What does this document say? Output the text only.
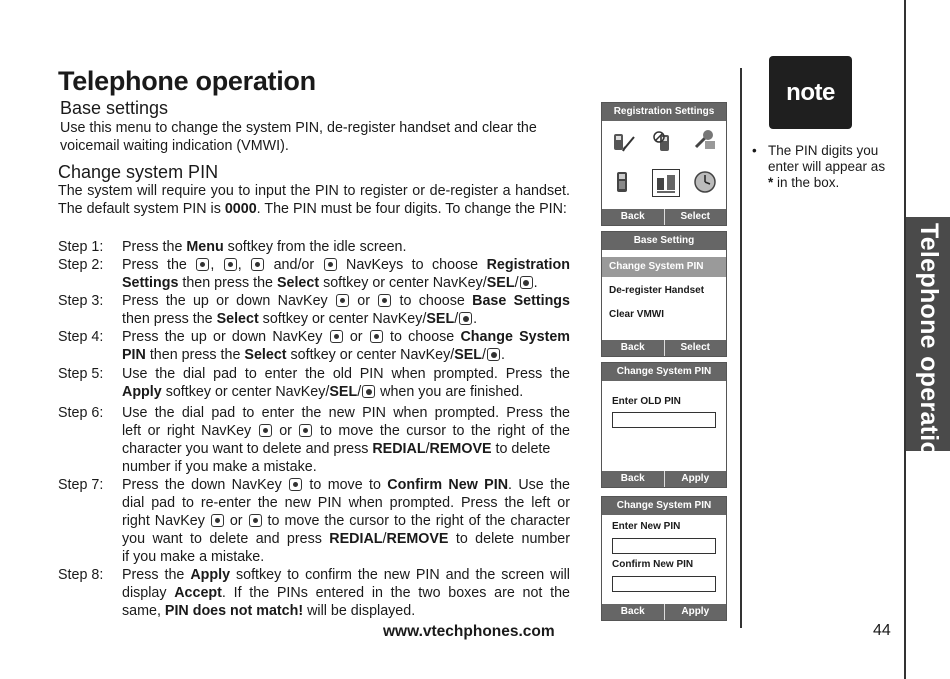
Telephone operation
Base settings
Use this menu to change the system PIN, de-register handset and clear the voicemail waiting indication (VMWI).
Change system PIN
The system will require you to input the PIN to register or de-register a handset. The default system PIN is 0000. The PIN must be four digits. To change the PIN:
Step 1: Press the Menu softkey from the idle screen.
Step 2: Press the , ,  and/or  NavKeys to choose Registration
Settings then press the Select softkey or center NavKey/SEL/ .
Step 3: Press the up or down NavKey  or  to choose Base Settings
then press the Select softkey or center NavKey/SEL/ .
Step 4: Press the up or down NavKey  or  to choose Change System
PIN then press the Select softkey or center NavKey/SEL/ .
Step 5: Use the dial pad to enter the old PIN when prompted. Press the
Apply softkey or center NavKey/SEL/ when you are finished.
Step 6: Use the dial pad to enter the new PIN when prompted. Press the
left or right NavKey  or  to move the cursor to the right of the
character you want to delete and press REDIAL/REMOVE to delete
number if you make a mistake.
Step 7: Press the down NavKey  to move to Confirm New PIN. Use the
dial pad to re-enter the new PIN when prompted. Press the left or
right NavKey  or  to move the cursor to the right of the character
you want to delete and press REDIAL/REMOVE to delete number
if you make a mistake.
Step 8: Press the Apply softkey to confirm the new PIN and the screen will
display Accept. If the PINs entered in the two boxes are not the
same, PIN does not match! will be displayed.
www.vtechphones.com	44
note
• The PIN digits you enter will appear as * in the box.
Telephone operation
Registration Settings
Back	Select
Base Setting
Change System PIN
De-register Handset
Clear VMWI
Back	Select
Change System PIN
Enter OLD PIN
Back	Apply
Change System PIN
Enter New PIN
Confirm New PIN
Back	Apply
